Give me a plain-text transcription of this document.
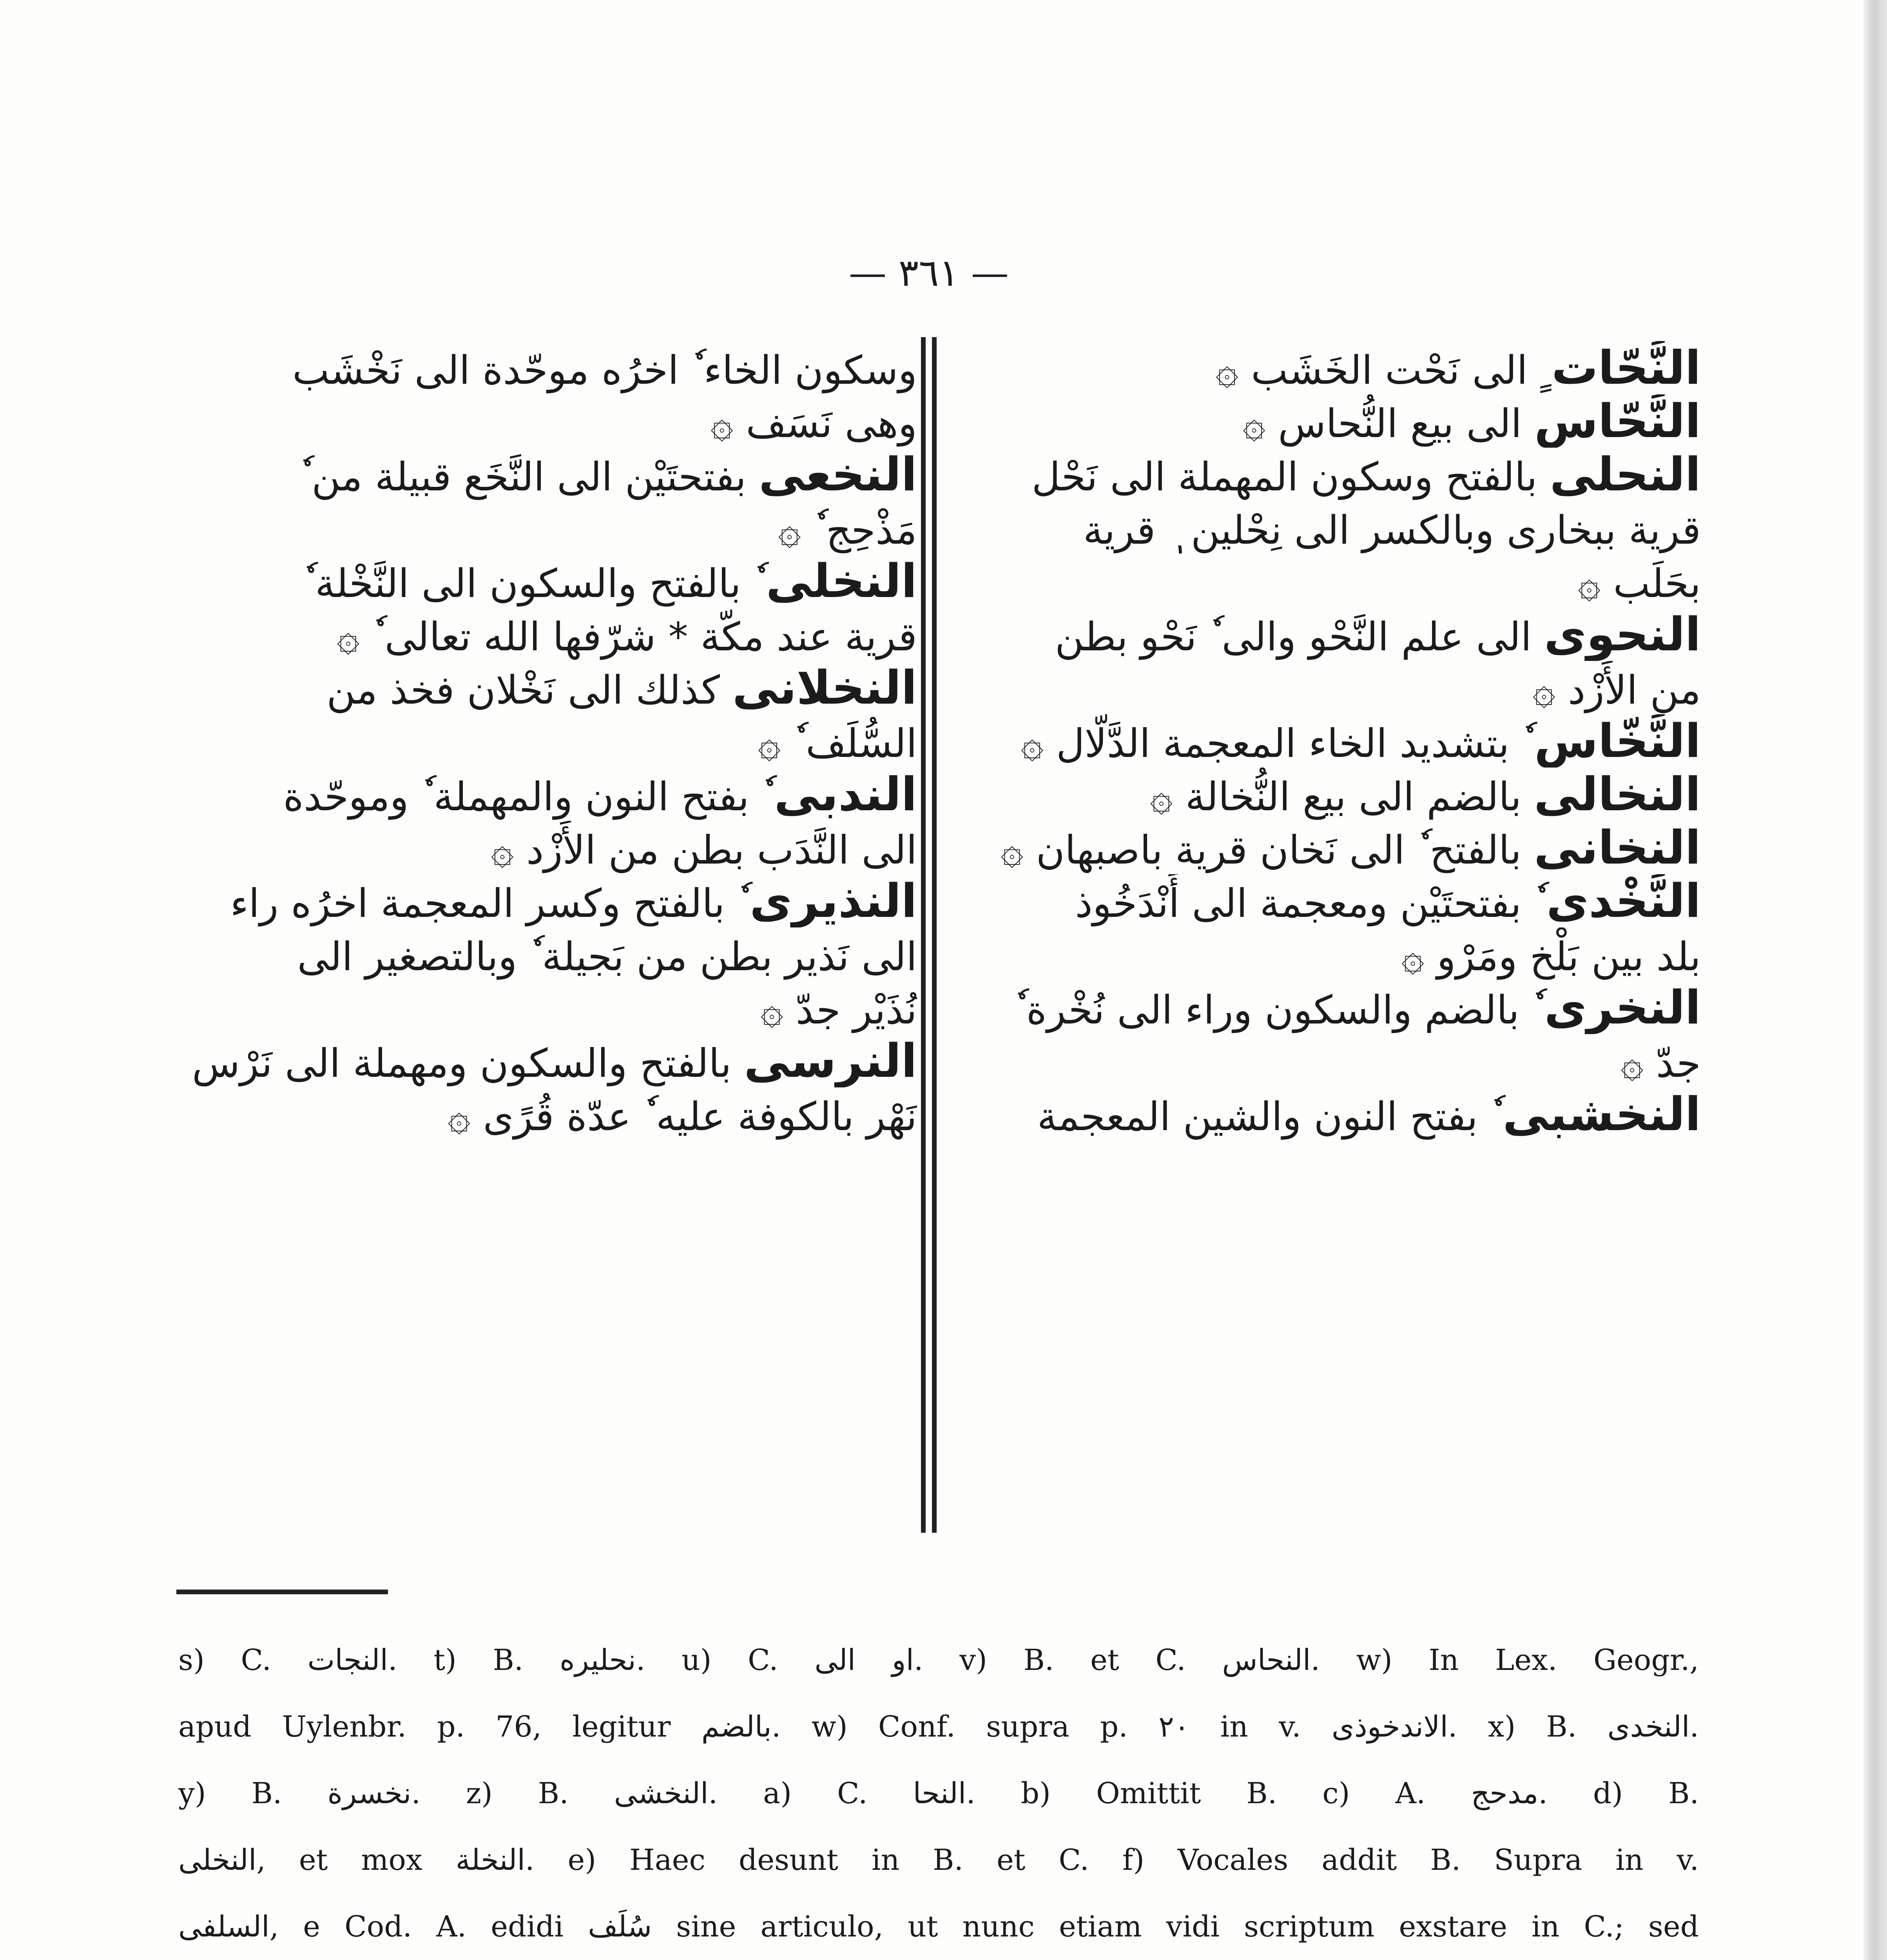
— ٣٦١ —
النَّحّات ٍ الى نَحْت الخَشَب ۞
النَّحّاس الى بيع النُّحاس ۞
النحلى بالفتح وسكون المهملة الى نَحْل
قرية ببخارى وبالكسر الى نِحْلين ٖ قرية
بحَلَب ۞
النحوى الى علم النَّحْو والى ٗ نَحْو بطن
من الأَزْد ۞
النَّخّاس ٗ بتشديد الخاء المعجمة الدَّلّال ۞
النخالى بالضم الى بيع النُّخالة ۞
النخانى بالفتح ٗ الى نَخان قرية باصبهان ۞
النَّخْدى ٗ بفتحتَيْن ومعجمة الى أَنْدَخُوذ
بلد بين بَلْخ ومَرْو ۞
النخرى ٗ بالضم والسكون وراء الى نُخْرة ٗ
جدّ ۞
النخشبى ٗ بفتح النون والشين المعجمة
وسكون الخاء ٗ اخرُه موحّدة الى نَخْشَب
وهى نَسَف ۞
النخعى بفتحتَيْن الى النَّخَع قبيلة من ٗ
مَذْحِج ٗ ۞
النخلى ٗ بالفتح والسكون الى النَّخْلة ٗ
قرية عند مكّة * شرّفها الله تعالى ٗ ۞
النخلانى كذلك الى نَخْلان فخذ من
السُّلَف ٗ ۞
الندبى ٗ بفتح النون والمهملة ٗ وموحّدة
الى النَّدَب بطن من الأَزْد ۞
النذيرى ٗ بالفتح وكسر المعجمة اخرُه راء
الى نَذير بطن من بَجيلة ٗ وبالتصغير الى
نُذَيْر جدّ ۞
النرسى بالفتح والسكون ومهملة الى نَرْس
نَهْر بالكوفة عليه ٗ عدّة قُرًى ۞
s) C. النجات. t) B. نحليره. u) C. او الى. v) B. et C. النحاس. w) In Lex. Geogr.,
apud Uylenbr. p. 76, legitur بالضم. w) Conf. supra p. ۲۰ in v. الاندخوذى. x) B. النخدى.
y) B. نخسرة. z) B. النخشى. a) C. النحا. b) Omittit B. c) A. مدحج. d) B.
النخلى, et mox النخلة. e) Haec desunt in B. et C. f) Vocales addit B. Supra in v.
السلفى, e Cod. A. edidi سُلَف sine articulo, ut nunc etiam vidi scriptum exstare in C.; sed
